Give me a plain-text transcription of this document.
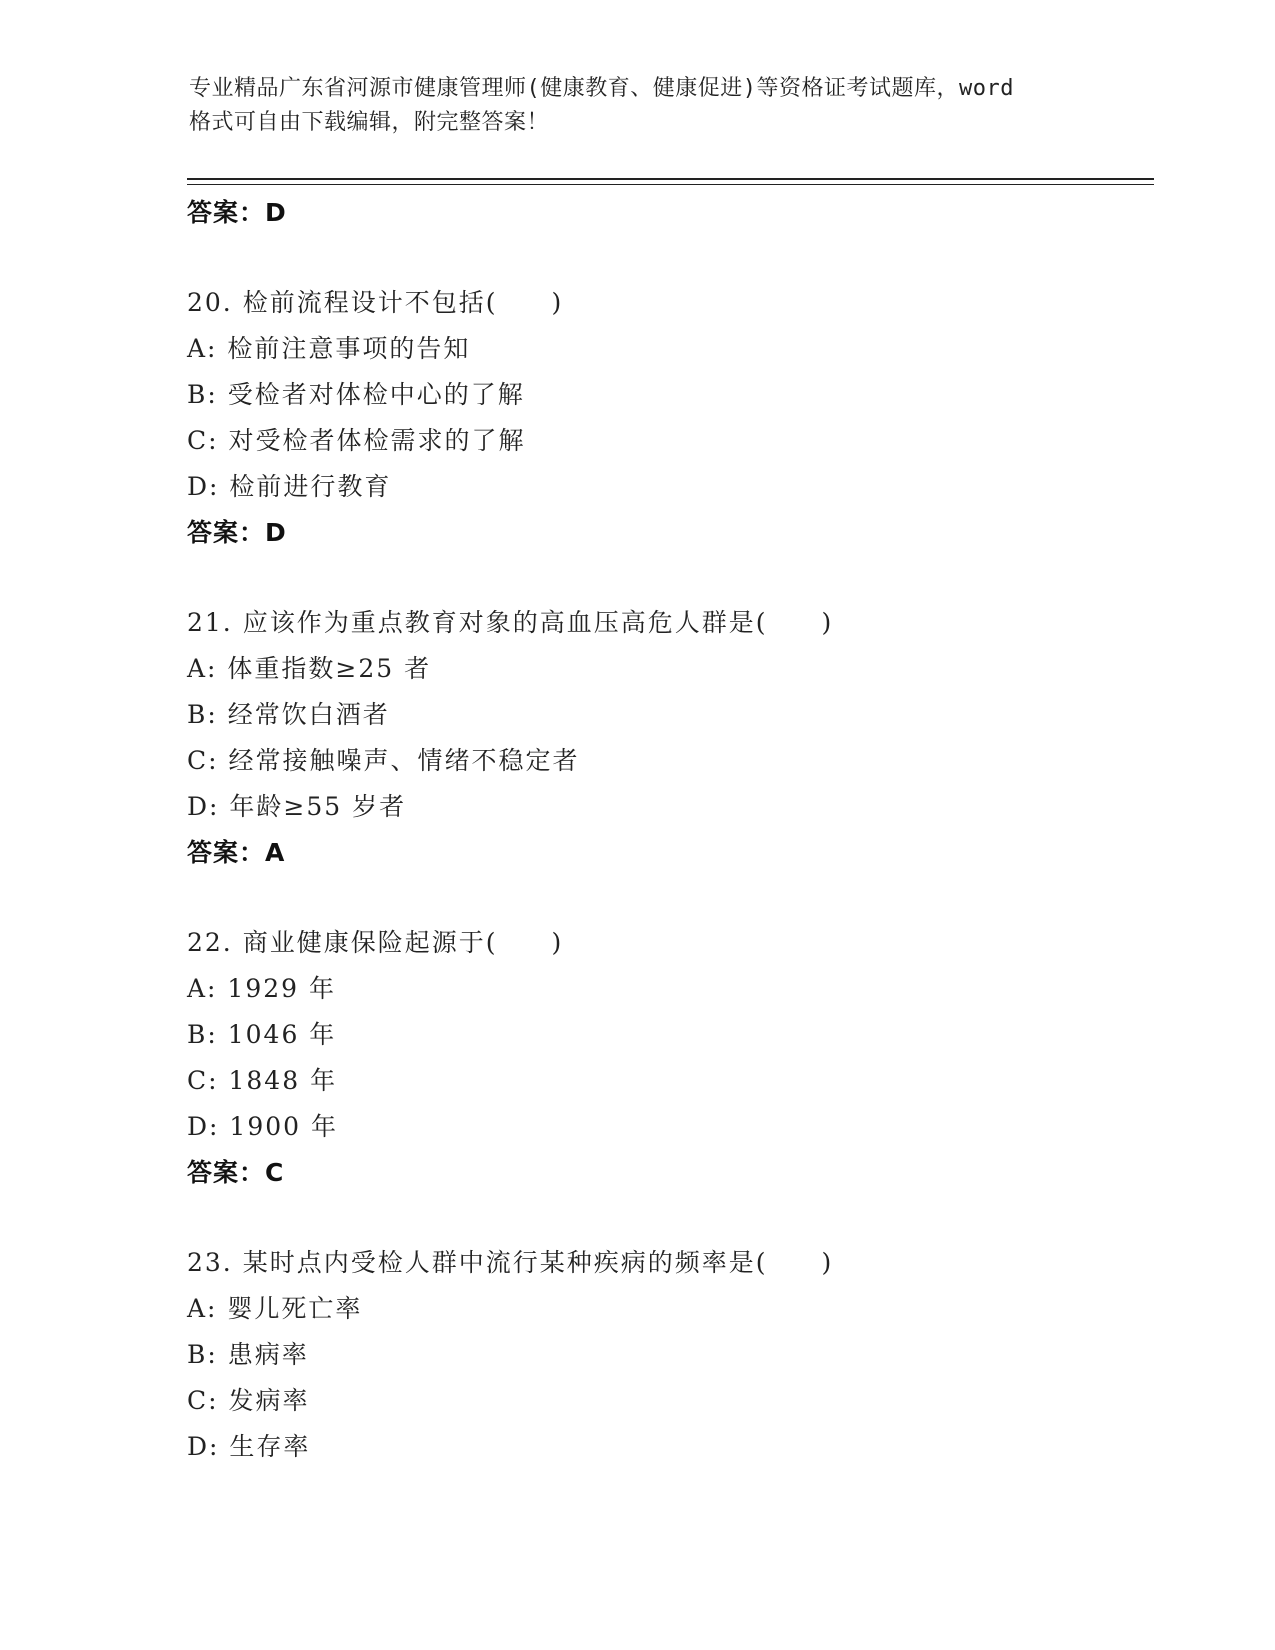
专业精品广东省河源市健康管理师(健康教育、健康促进)等资格证考试题库，word
格式可自由下载编辑，附完整答案！
答案：D
20. 检前流程设计不包括(　　)
A: 检前注意事项的告知
B: 受检者对体检中心的了解
C: 对受检者体检需求的了解
D: 检前进行教育
答案：D
21. 应该作为重点教育对象的高血压高危人群是(　　)
A: 体重指数≥25 者
B: 经常饮白酒者
C: 经常接触噪声、情绪不稳定者
D: 年龄≥55 岁者
答案：A
22. 商业健康保险起源于(　　)
A: 1929 年
B: 1046 年
C: 1848 年
D: 1900 年
答案：C
23. 某时点内受检人群中流行某种疾病的频率是(　　)
A: 婴儿死亡率
B: 患病率
C: 发病率
D: 生存率
